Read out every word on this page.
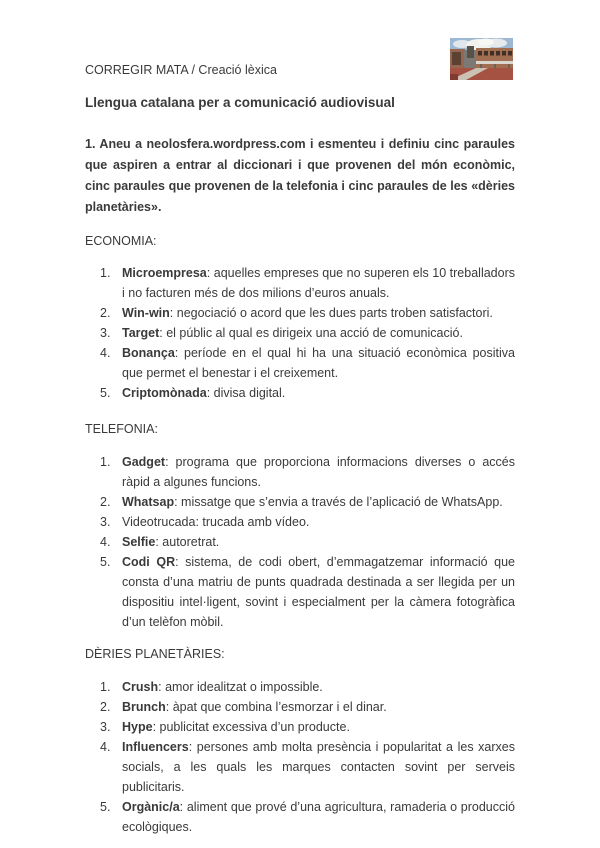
CORREGIR MATA / Creació lèxica

Llengua catalana per a comunicació audiovisual

1. Aneu a neolosfera.wordpress.com i esmenteu i definiu cinc paraules que aspiren a entrar al diccionari i que provenen del món econòmic, cinc paraules que provenen de la telefonia i cinc paraules de les «dèries planetàries».

ECONOMIA:

1. Microempresa: aquelles empreses que no superen els 10 treballadors i no facturen més de dos milions d’euros anuals.
2. Win-win: negociació o acord que les dues parts troben satisfactori.
3. Target: el públic al qual es dirigeix una acció de comunicació.
4. Bonança: període en el qual hi ha una situació econòmica positiva que permet el benestar i el creixement.
5. Criptomònada: divisa digital.

TELEFONIA:

1. Gadget: programa que proporciona informacions diverses o accés ràpid a algunes funcions.
2. Whatsap: missatge que s’envia a través de l’aplicació de WhatsApp.
3. Videotrucada: trucada amb vídeo.
4. Selfie: autoretrat.
5. Codi QR: sistema, de codi obert, d’emmagatzemar informació que consta d’una matriu de punts quadrada destinada a ser llegida per un dispositiu intel·ligent, sovint i especialment per la càmera fotogràfica d’un telèfon mòbil.

DÈRIES PLANETÀRIES:

1. Crush: amor idealitzat o impossible.
2. Brunch: àpat que combina l’esmorzar i el dinar.
3. Hype: publicitat excessiva d’un producte.
4. Influencers: persones amb molta presència i popularitat a les xarxes socials, a les quals les marques contacten sovint per serveis publicitaris.
5. Orgànic/a: aliment que prové d’una agricultura, ramaderia o producció ecològiques.
